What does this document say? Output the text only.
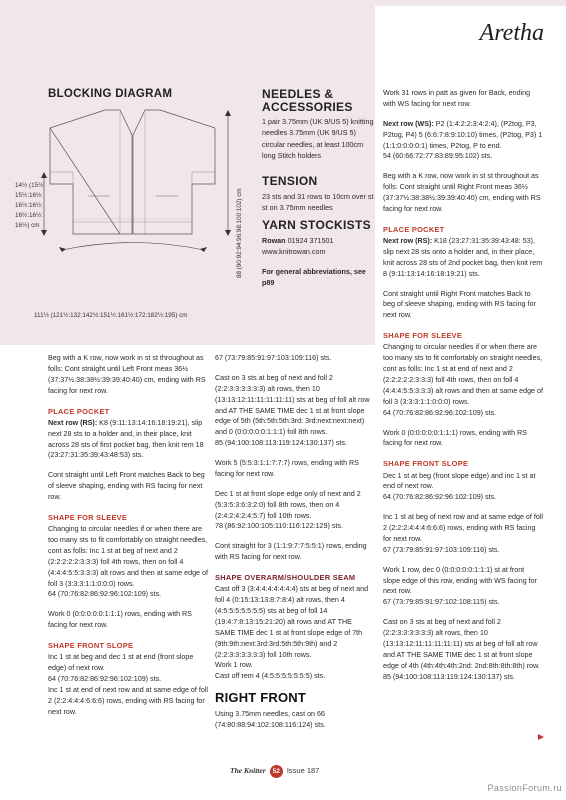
Aretha
BLOCKING DIAGRAM
88 (90:92:94:96:98:100:102) cm
14½ (15½:
15½:16½:
16½:16½:
16½:16½:
16½) cm
111½ (121½:132:142½:151½:161½:172:182½:195) cm
NEEDLES &
ACCESSORIES
1 pair 3.75mm (UK 9/US 5) knitting needles 3.75mm (UK 9/US 5) circular needles, at least 100cm long Stitch holders
TENSION
23 sts and 31 rows to 10cm over st st on 3.75mm needles
YARN STOCKISTS
Rowan 01924 371501
www.knitrowan.com
For general abbreviations, see p89

Beg with a K row, now work in st st throughout as folls: Cont straight until Left Front meas 36½ (37:37½:38:38½:39:39:40:40) cm, ending with RS facing for next row.

PLACE POCKET

Next row (RS): K8 (9:11:13:14:16:18:19:21), slip next 28 sts to a holder and, in their place, knit across 28 sts of first pocket bag, then knit rem 18 (23:27:31:35:39:43:48:53) sts.

Cont straight until Left Front matches Back to beg of sleeve shaping, ending with RS facing for next row.

SHAPE FOR SLEEVE

Changing to circular needles if or when there are too many sts to fit comfortably on straight needles, cont as folls: Inc 1 st at beg of next and 2 (2:2:2:2:2:3:3:3) foll 4th rows, then on foll 4 (4:4:4:5:5:3:3:3) alt rows and then at same edge of foll 3 (3:3:3:1:1:0:0:0) rows.

64 (70:76:82:86:92:96:102:109) sts.

Work 0 (0:0:0:0:0:1:1:1) rows, ending with RS facing for next row.

SHAPE FRONT SLOPE

Inc 1 st at beg and dec 1 st at end (front slope edge) of next row.

64 (70:76:82:86:92:96:102:109) sts.

Inc 1 st at end of next row and at same edge of foll 2 (2:2:4:4:4:6:6:6) rows, ending with RS facing for next row.

67 (73:79:85:91:97:103:109:116) sts.

Cast on 3 sts at beg of next and foll 2 (2:2:3:3:3:3:3:3) alt rows, then 10 (13:13:12:11:11:11:11:11) sts at beg of foll alt row and AT THE SAME TIME dec 1 st at front slope edge of 5th (5th:5th:5th:3rd: 3rd:next:next:next) and 0 (0:0:0:0:0:1:1:1) foll 8th rows.

85 (94:100:108:113:119:124:130:137) sts.

Work 5 (5:5:3:1:1:7:7:7) rows, ending with RS facing for next row.

Dec 1 st at front slope edge only of next and 2 (5:3:5:3:6:3:2:0) foll 8th rows, then on 4 (2:4:2:4:2:4:5:7) foll 10th rows.

78 (86:92:100:105:110:116:122:129) sts.

Cont straight for 3 (1:1:9:7:7:5:5:1) rows, ending with RS facing for next row.

SHAPE OVERARM/SHOULDER SEAM

Cast off 3 (3:4:4:4:4:4:4:4) sts at beg of next and foll 4 (0:15:13:13:8:7:8:4) alt rows, then 4 (4:5:5:5:5:5:5:5) sts at beg of foll 14 (19:4:7:8:13:15:21:20) alt rows and AT THE SAME TIME dec 1 st at front slope edge of 7th (9th:9th:next:3rd:3rd:5th:5th:9th) and 2 (2:2:3:3:3:3:3:3) foll 10th rows.

Work 1 row.

Cast off rem 4 (4:5:5:5:5:5:5:5) sts.

RIGHT FRONT

Using 3.75mm needles, cast on 66 (74:80:88:94:102:108:116:124) sts.

Work 31 rows in patt as given for Back, ending with WS facing for next row.

Next row (WS): P2 (1:4:2:2:3:4:2:4), (P2tog, P3, P2tog, P4) 5 (6:6:7:8:9:10:10) times, (P2tog, P3) 1 (1:1:0:0:0:0:1) times, P2tog, P to end.

54 (60:66:72:77:83:89:95:102) sts.

Beg with a K row, now work in st st throughout as folls: Cont straight until Right Front meas 36½ (37:37½:38:38½:39:39:40:40) cm, ending with RS facing for next row.

PLACE POCKET

Next row (RS): K18 (23:27:31:35:39:43:48: 53), slip next 28 sts onto a holder and, in their place, knit across 28 sts of 2nd pocket bag, then knit rem 8 (9:11:13:14:16:18:19:21) sts.

Cont straight until Right Front matches Back to beg of sleeve shaping, ending with RS facing for next row.

SHAPE FOR SLEEVE

Changing to circular needles if or when there are too many sts to fit comfortably on straight needles, cont as folls: Inc 1 st at end of next and 2 (2:2:2:2:2:3:3:3) foll 4th rows, then on foll 4 (4:4:4:5:5:3:3:3) alt rows and then at same edge of foll 3 (3:3:3:1:1:0:0:0) rows.

64 (70:76:82:86:92:96:102:109) sts.

Work 0 (0:0:0:0:0:1:1:1) rows, ending with RS facing for next row.

SHAPE FRONT SLOPE

Dec 1 st at beg (front slope edge) and inc 1 st at end of next row.

64 (70:76:82:86:92:96:102:109) sts.

Inc 1 st at beg of next row and at same edge of foll 2 (2:2:2:4:4:4:6:6:6) rows, ending with RS facing for next row.

67 (73:79:85:91:97:103:109:116) sts.

Work 1 row, dec 0 (0:0:0:0:0:1:1:1) st at front slope edge of this row, ending with WS facing for next row.

67 (73:79:85:91:97:102:108:115) sts.

Cast on 3 sts at beg of next and foll 2 (2:2:3:3:3:3:3:3) alt rows, then 10 (13:13:12:11:11:11:11:11) sts at beg of foll alt row and AT THE SAME TIME dec 1 st at front slope edge of 4th (4th:4th:4th:2nd: 2nd:8th:8th:8th) row.

85 (94:100:108:113:119:124:130:137) sts.

The Knitter 52 Issue 187
PassionForum.ru
